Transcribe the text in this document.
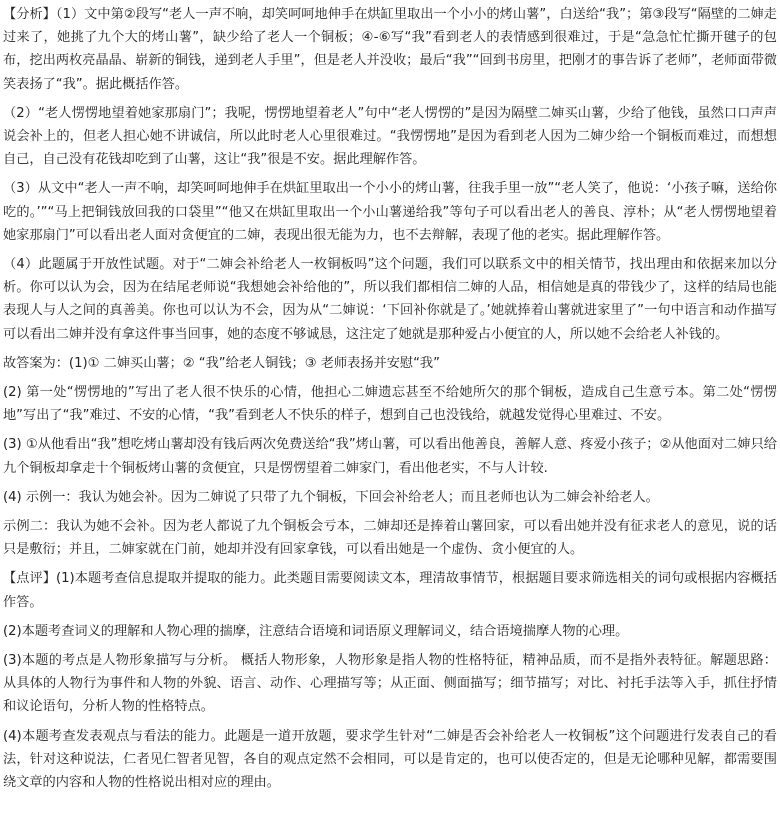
【分析】（1）文中第②段写“老人一声不响，却笑呵呵地伸手在烘缸里取出一个小小的烤山薯”，白送给“我”；第③段写“隔壁的二婶走过来了，她挑了九个大的烤山薯”，缺少给了老人一个铜板；④-⑥写“我”看到老人的表情感到很难过，于是“急急忙忙撕开毽子的包布，挖出两枚亮晶晶、崭新的铜钱，递到老人手里”，但是老人并没收；最后“我”“回到书房里，把刚才的事告诉了老师”，老师面带微笑表扬了“我”。据此概括作答。

（2）“老人愣愣地望着她家那扇门”；我呢，愣愣地望着老人”句中“老人愣愣的”是因为隔壁二婶买山薯，少给了他钱，虽然口口声声说会补上的，但老人担心她不讲诚信，所以此时老人心里很难过。“我愣愣地”是因为看到老人因为二婶少给一个铜板而难过，而想想自己，自己没有花钱却吃到了山薯，这让“我”很是不安。据此理解作答。

（3）从文中“老人一声不响，却笑呵呵地伸手在烘缸里取出一个小小的烤山薯，往我手里一放”“老人笑了，他说：‘小孩子嘛，送给你吃的。’”“马上把铜钱放回我的口袋里”“他又在烘缸里取出一个小山薯递给我”等句子可以看出老人的善良、淳朴；从“老人愣愣地望着她家那扇门”可以看出老人面对贪便宜的二婶，表现出很无能为力，也不去辩解，表现了他的老实。据此理解作答。

（4）此题属于开放性试题。对于“二婶会补给老人一枚铜板吗”这个问题，我们可以联系文中的相关情节，找出理由和依据来加以分析。你可以认为会，因为在结尾老师说“我想她会补给他的”，所以我们都相信二婶的人品，相信她是真的带钱少了，这样的结局也能表现人与人之间的真善美。你也可以认为不会，因为从“二婶说：‘下回补你就是了。’她就捧着山薯就进家里了”一句中语言和动作描写可以看出二婶并没有拿这件事当回事，她的态度不够诚恳，这注定了她就是那种爱占小便宜的人，所以她不会给老人补钱的。

故答案为：(1)① 二婶买山薯；② “我”给老人铜钱；③ 老师表扬并安慰“我”

(2) 第一处“愣愣地的”写出了老人很不快乐的心情，他担心二婶遗忘甚至不给她所欠的那个铜板，造成自己生意亏本。第二处“愣愣地”写出了“我”难过、不安的心情，“我”看到老人不快乐的样子，想到自己也没钱给，就越发觉得心里难过、不安。

(3) ①从他看出“我”想吃烤山薯却没有钱后两次免费送给“我”烤山薯，可以看出他善良，善解人意、疼爱小孩子；②从他面对二婶只给九个铜板却拿走十个铜板烤山薯的贪便宜，只是愣愣望着二婶家门，看出他老实，不与人计较.

(4) 示例一：我认为她会补。因为二婶说了只带了九个铜板，下回会补给老人；而且老师也认为二婶会补给老人。

示例二：我认为她不会补。因为老人都说了九个铜板会亏本，二婶却还是捧着山薯回家，可以看出她并没有征求老人的意见，说的话只是敷衍；并且，二婶家就在门前，她却并没有回家拿钱，可以看出她是一个虚伪、贪小便宜的人。

【点评】(1)本题考查信息提取并提取的能力。此类题目需要阅读文本，理清故事情节，根据题目要求筛选相关的词句或根据内容概括作答。

(2)本题考查词义的理解和人物心理的揣摩，注意结合语境和词语原义理解词义，结合语境揣摩人物的心理。

(3)本题的考点是人物形象描写与分析。 概括人物形象，人物形象是指人物的性格特征，精神品质，而不是指外表特征。解题思路：从具体的人物行为事件和人物的外貌、语言、动作、心理描写等；从正面、侧面描写；细节描写；对比、衬托手法等入手，抓住抒情和议论语句，分析人物的性格特点。

(4)本题考查发表观点与看法的能力。此题是一道开放题，要求学生针对“二婶是否会补给老人一枚铜板”这个问题进行发表自己的看法，针对这种说法，仁者见仁智者见智，各自的观点定然不会相同，可以是肯定的，也可以使否定的，但是无论哪种见解，都需要围绕文章的内容和人物的性格说出相对应的理由。
